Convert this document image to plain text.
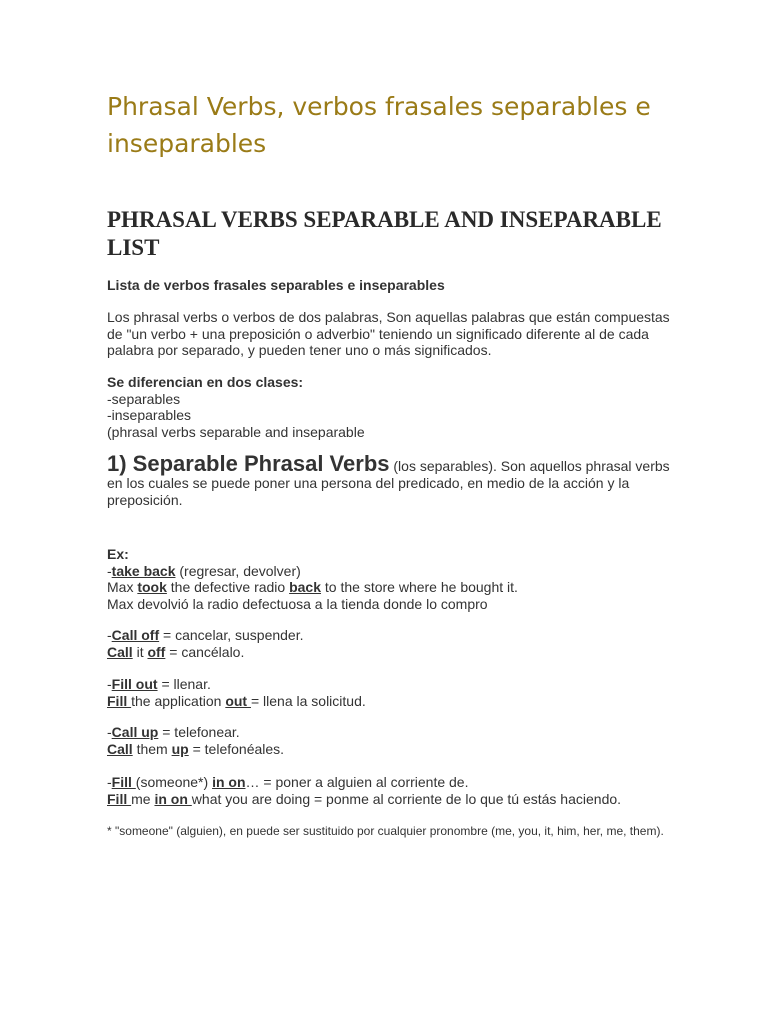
Phrasal Verbs, verbos frasales separables e inseparables
PHRASAL VERBS SEPARABLE AND INSEPARABLE LIST
Lista de verbos frasales separables e inseparables
Los phrasal verbs o verbos de dos palabras, Son aquellas palabras que están compuestas de "un verbo + una preposición o adverbio" teniendo un significado diferente al de cada palabra por separado, y pueden tener uno o más significados.
Se diferencian en dos clases:
-separables
-inseparables
(phrasal verbs separable and inseparable
1) Separable Phrasal Verbs (los separables). Son aquellos phrasal verbs en los cuales se puede poner una persona del predicado, en medio de la acción y la preposición.
Ex:
-take back (regresar, devolver)
Max took the defective radio back to the store where he bought it.
Max devolvió la radio defectuosa a la tienda donde lo compro
-Call off = cancelar, suspender.
Call it off = cancélalo.
-Fill out = llenar.
Fill the application out = llena la solicitud.
-Call up = telefonear.
Call them up = telefonéales.
-Fill (someone*) in on… = poner a alguien al corriente de.
Fill me in on what you are doing = ponme al corriente de lo que tú estás haciendo.
* "someone" (alguien), en puede ser sustituido por cualquier pronombre (me, you, it, him, her, me, them).
